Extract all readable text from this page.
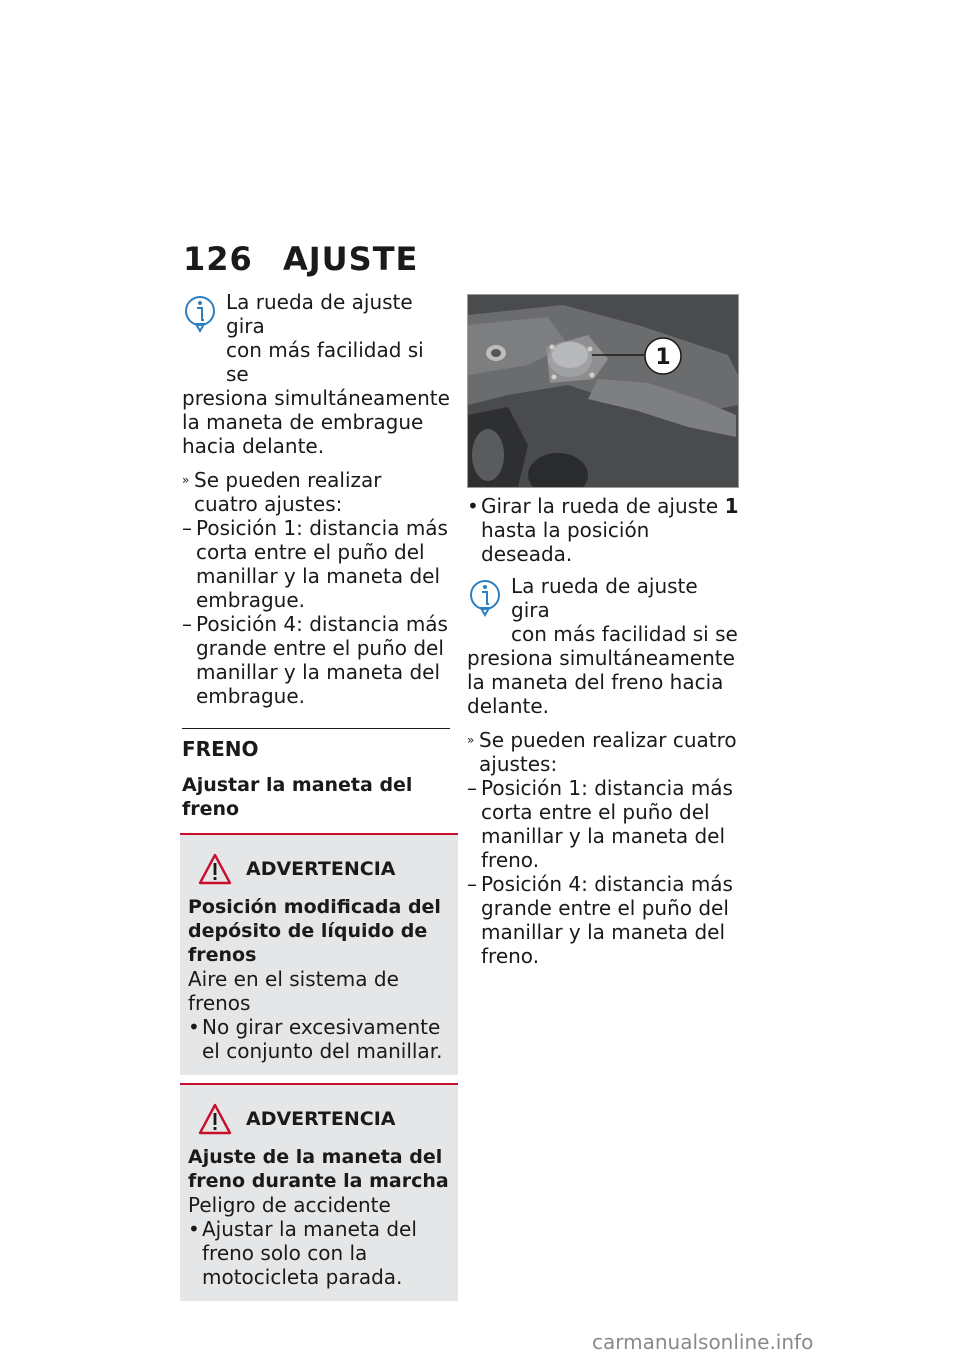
126 AJUSTE
La rueda de ajuste gira
con más facilidad si se

presiona simultáneamente la maneta de embrague hacia delante.

» Se pueden realizar cuatro ajustes:
– Posición 1: distancia más corta entre el puño del manillar y la maneta del embrague.
– Posición 4: distancia más grande entre el puño del manillar y la maneta del embrague.
FRENO
Ajustar la maneta del freno
ADVERTENCIA
Posición modificada del depósito de líquido de frenos

Aire en el sistema de frenos

• No girar excesivamente el conjunto del manillar.
ADVERTENCIA
Ajuste de la maneta del freno durante la marcha

Peligro de accidente

• Ajustar la maneta del freno solo con la motocicleta parada.
1
• Girar la rueda de ajuste 1 hasta la posición deseada.
La rueda de ajuste gira
con más facilidad si se

presiona simultáneamente la maneta del freno hacia delante.

» Se pueden realizar cuatro ajustes:
– Posición 1: distancia más corta entre el puño del manillar y la maneta del freno.
– Posición 4: distancia más grande entre el puño del manillar y la maneta del freno.
carmanualsonline.info
